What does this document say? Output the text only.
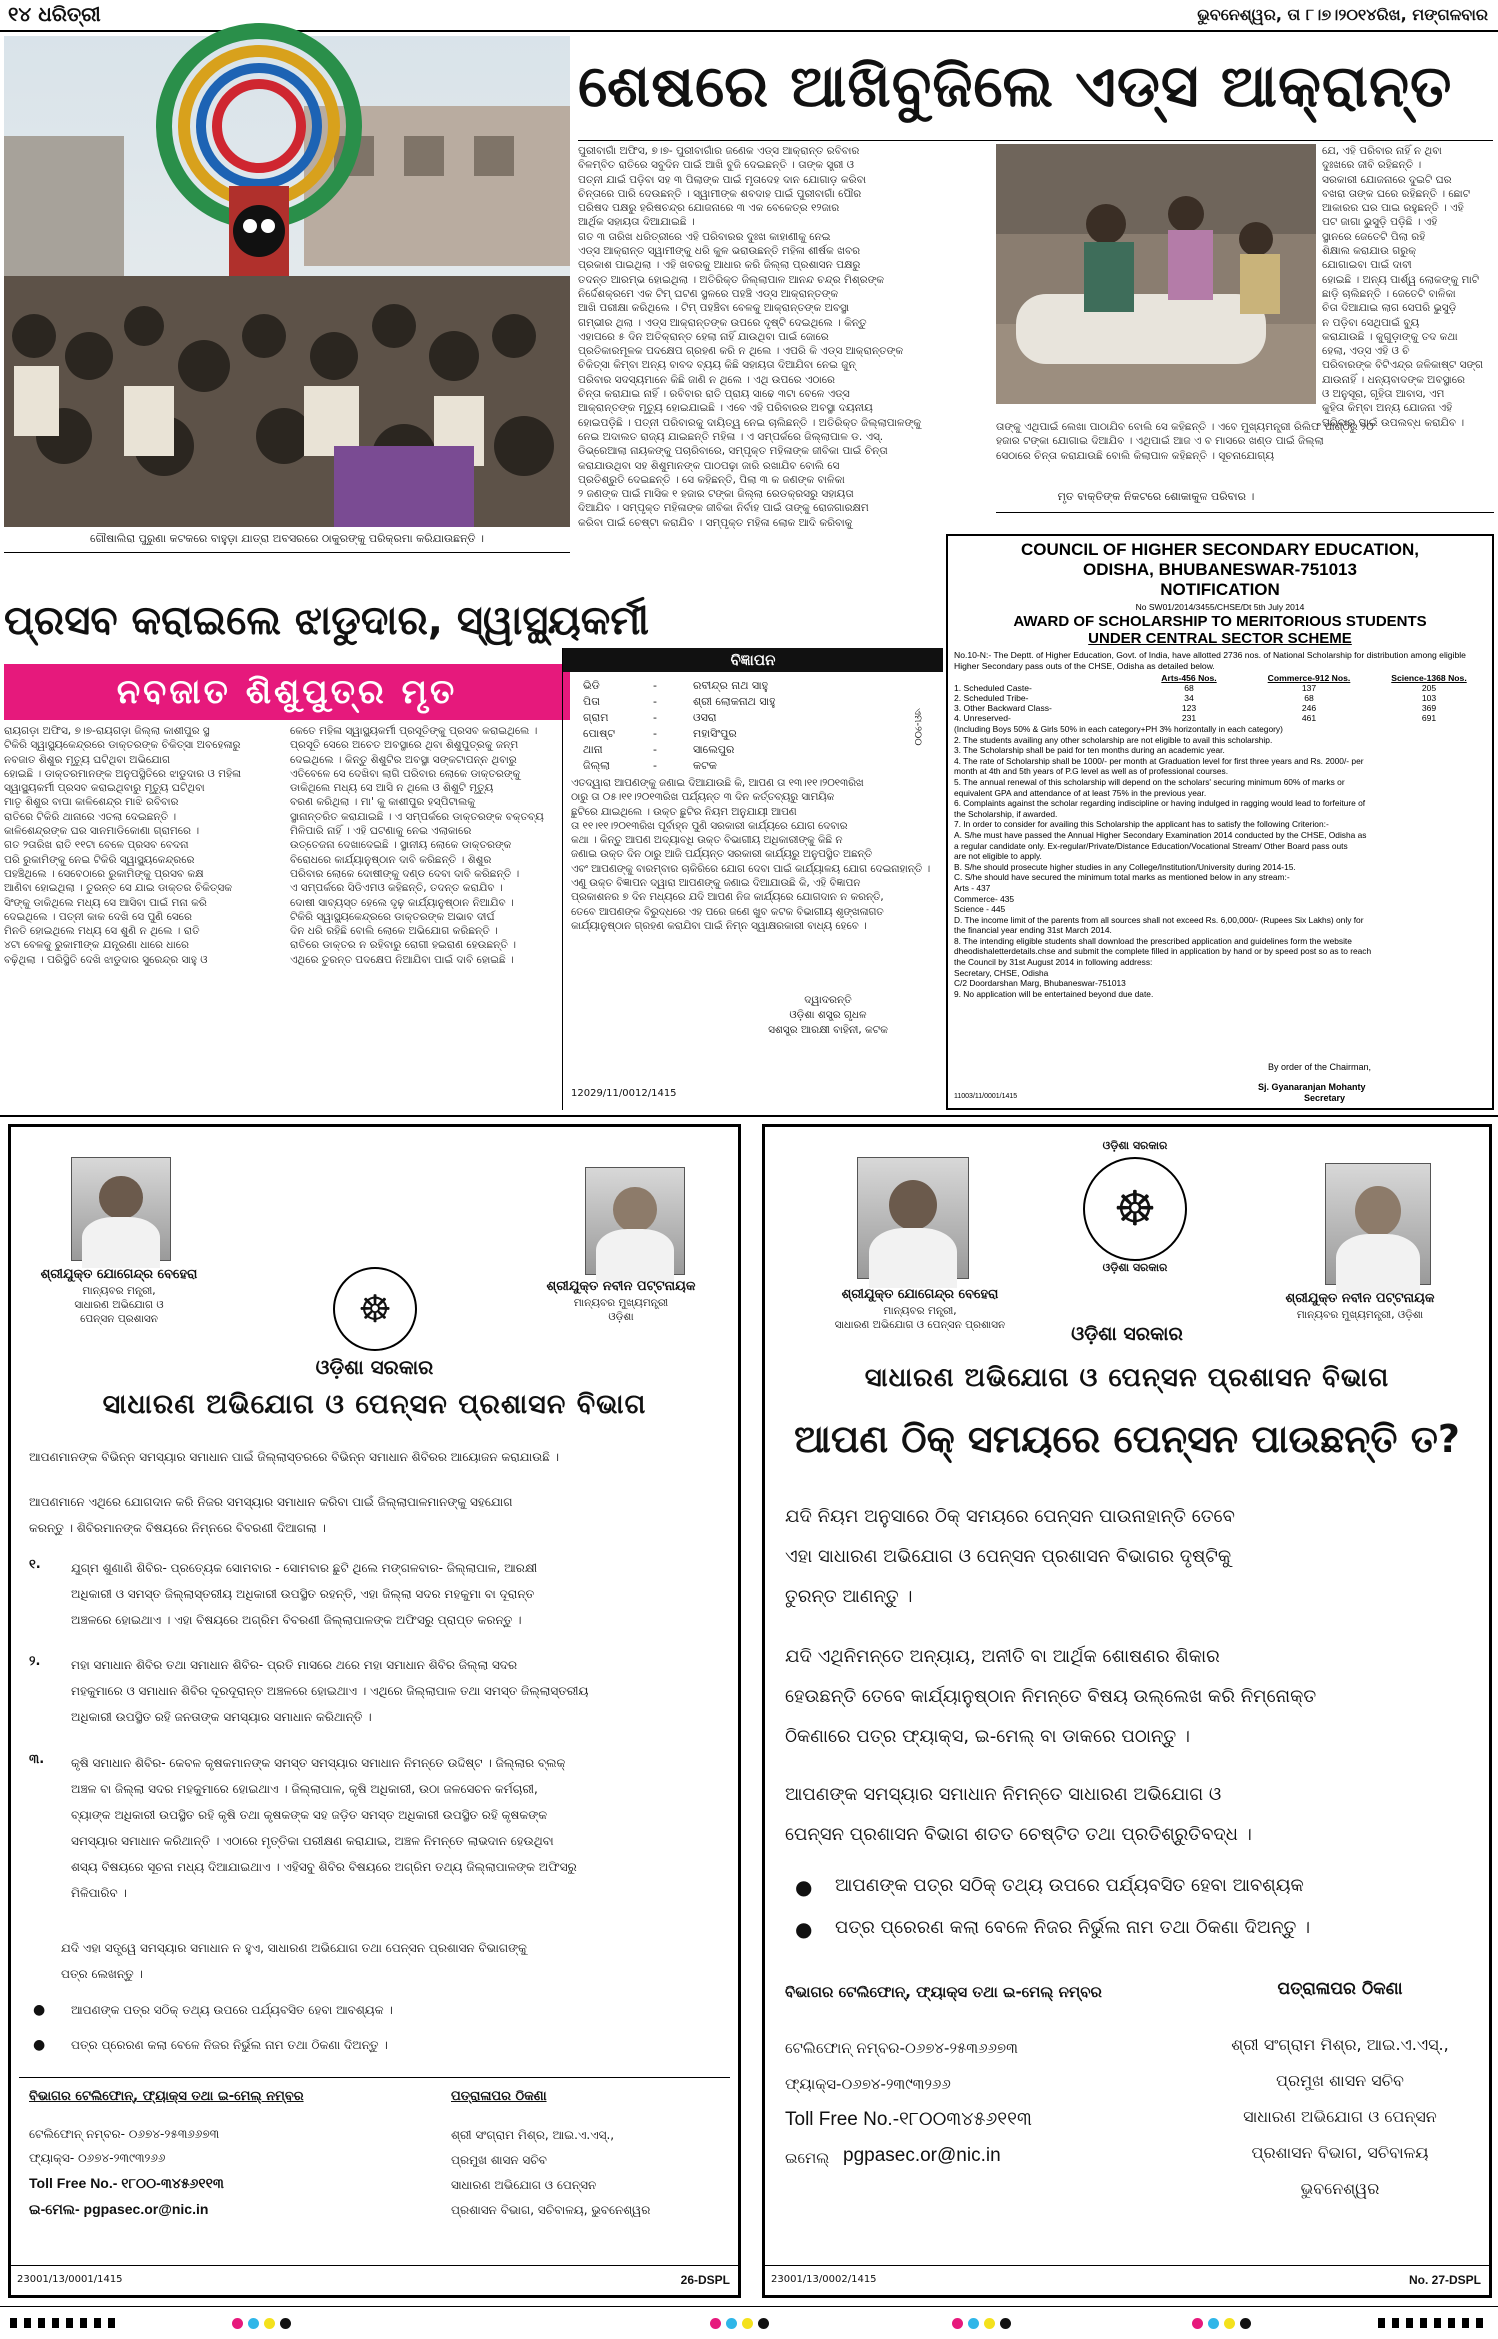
୧୪ ଧରିତ୍ରୀ	ଭୁବନେଶ୍ୱର, ତା ୮।୭।୨୦୧୪ରିଖ, ମଙ୍ଗଳବାର
ଗୌଷାଲିରା ପୁରୁଣା କଟକରେ ବାହୁଡ଼ା ଯାତ୍ରା ଅବସରରେ ଠାକୁରଙ୍କୁ ପରିକ୍ରମା କରିଯାଉଛନ୍ତି ।
ଶେଷରେ ଆଖିବୁଜିଲେ ଏଡ୍‌ସ ଆକ୍ରାନ୍ତ
ପୁରୀବାଗାଁ ଅଫିସ, ୭।୭- ପୁରୀବାଗାଁର ଜଣେକ ଏଡ୍‌ସ ଆକ୍ରାନ୍ତ ରବିବାର
ବିଳମ୍ବିତ ରାତିରେ ସବୁଦିନ ପାଇଁ ଆଖି ବୁଜି ଦେଇଛନ୍ତି । ତାଙ୍କ ସ୍ତ୍ରୀ ଓ
ପତ୍ନୀ ଯାଇଁ ପଡ଼ିବା ସହ ୩ ପିଲାଙ୍କ ପାଇଁ ମୃତାଦେହ ଦାନ ଯୋଗାଡ଼ କରିବା
ଚିନ୍ତାରେ ପାରି ଦେଉଛନ୍ତି । ସ୍ୱାମୀଙ୍କ ଶବଦାହ ପାଇଁ ପୁରୀବାଗାଁ ପୌର
ପରିଷଦ ପକ୍ଷରୁ ହରିଷଚନ୍ଦ୍ର ଯୋଜନାରେ ୩ ଏକ ବେକେତ୍ର ୧୨ଜାର
ଆର୍ଥିକ ସହାୟତା ଦିଆଯାଇଛି ।
ଗତ ୩ ତାରିଖ ଧରିତ୍ରୀରେ ଏହି ପରିବାରର ଦୁଃଖ କାହାଣୀକୁ ନେଇ
ଏଡ୍‌ସ ଆକ୍ରାନ୍ତ ସ୍ୱାମୀଙ୍କୁ ଧରି କୁଳ ଭରାଉଛନ୍ତି ମହିଳା ଶୀର୍ଷକ ଖବର
ପ୍ରକାଶ ପାଇଥିଲା । ଏହି ଖବରକୁ ଆଧାର କରି ଜିଲ୍ଲା ପ୍ରଶାସନ ପକ୍ଷରୁ
ତଦନ୍ତ ଆରମ୍ଭ ହୋଇଥିଲା । ଅତିରିକ୍ତ ଜିଲ୍ଲାପାଳ ଆନନ୍ଦ ଚନ୍ଦ୍ର ମିଶ୍ରଙ୍କ
ନିର୍ଦ୍ଦେଶକ୍ରମେ ଏକ ଟିମ୍ ଘଟଣ ସ୍ଥଳରେ ପହଞ୍ଚି ଏଡ୍‌ସ ଆକ୍ରାନ୍ତଙ୍କ
ଆଖି ପରୀକ୍ଷା କରିଥିଲେ । ଟିମ୍ ପହଞ୍ଚିବା ବେଳକୁ ଆକ୍ରାନ୍ତଙ୍କ ଅବସ୍ଥା
ଗମ୍ଭୀର ଥିଲା । ଏଡ୍‌ସ ଆକ୍ରାନ୍ତଙ୍କ ଉପରେ ଦୃଷ୍ଟି ଦେଇଥିଲେ । କିନ୍ତୁ
ଏହାପରେ ୫ ଦିନ ଅତିକ୍ରାନ୍ତ ହେଲା ନାହିଁ ଯାଉଥିବା ପାଇଁ ଜୋରେ
ପ୍ରତିକାରମୂଳକ ପଦକ୍ଷେପ ଗ୍ରହଣ କରି ନ ଥିଲେ । ଏପରି କି ଏଡ୍‌ସ ଆକ୍ରାନ୍ତଙ୍କ
ଚିକିତ୍ସା କିମ୍ବା ଅନ୍ୟ ବାବଦ ବ୍ୟୟ କିଛି ସହାୟତା ଦିଆଯିବା ନେଇ ଜୁନ୍
ପରିବାର ସଦସ୍ୟମାନେ କିଛି ଜାଣି ନ ଥିଲେ । ଏଥି ଉପରେ ଏଠାରେ
ଚିନ୍ତା କରାଯାଇ ନାହିଁ । ରବିବାର ରାତି ପ୍ରାୟ ସାଢେ ୩ଟା ବେଳେ ଏଡ୍‌ସ
ଆକ୍ରାନ୍ତଙ୍କ ମୃତ୍ୟୁ ହୋଇଯାଇଛି । ଏବେ ଏହି ପରିବାରର ଅବସ୍ଥା ଦୟନୀୟ
ହୋଇପଡ଼ିଛି । ପତ୍ନୀ ପରିବାରକୁ ଦାୟିତ୍ୱ ନେଇ ଚାଲିଛନ୍ତି । ଅତିରିକ୍ତ ଜିଲ୍ଲାପାଳଙ୍କୁ
ନେଇ ଅଦାଲତ ରାଜ୍ୟ ଯାଇଛନ୍ତି ମହିଳା । ଏ ସମ୍ପର୍କରେ ଜିଲ୍ଲାପାଳ ଡ. ଏସ୍.
ଡିଭ୍ରେଆଲା ନାୟକଙ୍କୁ ପଚାରିବାରେ, ସମ୍ପୃକ୍ତ ମହିଳାଙ୍କ ଜୀବିକା ପାଇଁ ଚିନ୍ତା
କରାଯାଉଥିବା ସହ ଶିଶୁମାନଙ୍କ ପାଠପଢ଼ା ଜାରି ରଖାଯିବ ବୋଲି ସେ
ପ୍ରତିଶ୍ରୁତି ଦେଇଛନ୍ତି । ସେ କହିଛନ୍ତି, ପିଲା ୩ କ ଜଣଙ୍କ ବାଳିକା
୨ ଜଣଙ୍କ ପାଇଁ ମାସିକ ୧ ହଜାର ଟଙ୍କା ଜିଲ୍ଲା ରେଡକ୍ରସରୁ ସହାୟତା
ଦିଆଯିବ । ସମ୍ପୃକ୍ତ ମହିଳାଙ୍କ ଜୀବିକା ନିର୍ବାହ ପାଇଁ ତାଙ୍କୁ ରୋଜଗାରକ୍ଷମ
କରିବା ପାଇଁ ଚେଷ୍ଟା କରାଯିବ । ସମ୍ପୃକ୍ତ ମହିଳା ଲୋକ ଆଦି କରିବାକୁ
ମୃତ ବାକ୍ତିଙ୍କ ନିକଟରେ ଶୋକାକୁଳ ପରିବାର ।
ଯେ, ଏହି ପରିବାର ନାହିଁ ନ ଥିବା
ଦୁଃଖରେ ଜୀବି ରହିଛନ୍ତି ।
ସରକାରୀ ଯୋଜନାରେ ଦୁଇଟି ଘର
ବଖରା ତାଙ୍କ ଘରେ ରହିଛନ୍ତି । ଛୋଟ
ଆକାରର ଘର ପାଇ ରହୁଛନ୍ତି । ଏହି
ପଟ ଜାଗା ଭୁସୁଡ଼ି ପଡ଼ିଛି । ଏହି
ସ୍ଥାନରେ ଜେତେଟି ପିଲା ରହି
ଶିକ୍ଷାଲ କରାଯାଉ ଗରୁକ୍
ଯୋଗାଇବା ପାଇଁ ଦାବୀ
ହୋଇଛି । ଅନ୍ୟ ପାର୍ଶ୍ୱ ଲୋକଙ୍କୁ ମାଟି
ଛାଡ଼ି ଚାଲିଛନ୍ତି । ଜେତେଟି ବାଳିକା
ଚିତା ଦିଆଯାଇ ଲାଗ ସେପରି ଭୁସୁଡ଼ି
ନ ପଡ଼ିବା ସେଥିପାଇଁ ବ୍ୟୁ
କରାଯାଉଛି । କୁଗୁଡ଼ାଙ୍କୁ ତଦ କଥା
ହେଲା, ଏଡ୍‌ସ ଏହି ଓ ଚି
ପରିବାରଙ୍କ ବିଟିଏନ୍ଦ୍ର ଜଳିକାଷ୍ଟ ସଙ୍ଗ
ଯାଉନାହିଁ । ଧନ୍ୟବାଦଙ୍କ ଅବସ୍ଥାରେ
ଓ ଅନୁସୂରା, ଗୃହିତା ଆବାସ, ଏମ
କୁହିତା କିମ୍ବା ଅନ୍ୟ ଯୋଜନା ଏହି
ପରିବାର ପାଇଁ ଉପଲବ୍ଧ କରାଯିବ ।
ତାଙ୍କୁ ଏଥିପାଇଁ ଲେଖା ପାଠାଯିବ ବୋଲି ସେ କହିଛନ୍ତି । ଏବେ ମୁଖ୍ୟମନ୍ତ୍ରୀ ରିଲିଫ ପାଣ୍ଠିରୁ ୨୦
ହଜାର ଟଙ୍କା ଯୋଗାଇ ଦିଆଯିବ । ଏଥିପାଇଁ ଆଜ ଏ ବ ମାସରେ ଖଣ୍ଡ ପାଇଁ ଜିଲ୍ଲା
ସେଠାରେ ଚିନ୍ତା କରାଯାଉଛି ବୋଲି କିଲାପାଳ କହିଛନ୍ତି । ସୂଚନାଯୋଗ୍ୟ
ପ୍ରସବ କରାଇଲେ ଝାଡୁଦାର, ସ୍ୱାସ୍ଥ୍ୟକର୍ମୀ
ନବଜାତ ଶିଶୁପୁତ୍ର ମୃତ
ରାୟଗଡ଼ା ଅଫିସ, ୭।୭-ରାୟଗଡ଼ା ଜିଲ୍ଲା କାଶୀପୁର ସ୍ଥ
ଟିକିରି ସ୍ୱାସ୍ଥ୍ୟକେନ୍ଦ୍ରରେ ଡାକ୍ତରଙ୍କ ଚିକିତ୍ସା ଅବହେଳାରୁ
ନବଜାତ ଶିଶୁର ମୃତ୍ୟୁ ଘଟିଥିବା ଅଭିଯୋଗ
ହୋଇଛି । ଡାକ୍ତରମାନଙ୍କ ଅନୁପସ୍ଥିତିରେ ଝାଡୁଦାର ଓ ମହିଳା
ସ୍ୱାସ୍ଥ୍ୟକର୍ମୀ ପ୍ରସବ କରାଇଥିବାରୁ ମୃତ୍ୟୁ ଘଟିଥିବା
ମାତୃ ଶିଶୁର ବାପା କାଳିଶେନ୍ଦ୍ର ମାଝି ରବିବାର
ରାତିରେ ଟିକିରି ଥାନାରେ ଏତଲା ଦେଇଛନ୍ତି ।
କାଳିଶେନ୍ଦ୍ରଙ୍କ ଘର ସାନମାଡିକୋଣା ଗ୍ରାମରେ ।
ଗତ ୨ତାରିଖ ରାତି ୧୧ଟା ବେଳେ ପ୍ରସବ ବେଦନା
ପରି ରୁକାମିଙ୍କୁ ନେଇ ଟିକିରି ସ୍ୱାସ୍ଥ୍ୟକେନ୍ଦ୍ରରେ
ପହଞ୍ଚିଥିଲେ । ସେବେଠାରେ ରୁକାମିଙ୍କୁ ପ୍ରସବ କକ୍ଷ
ଆଣିବା ହୋଇଥିଲା । ତୁରନ୍ତ ସେ ଯାଇ ଡାକ୍ତର ଚିକିତ୍ସକ
ସିଂଙ୍କୁ ଡାକିଥିଲେ ମଧ୍ୟ ସେ ଆସିବା ପାଇଁ ମନା କରି
ଦେଇଥିଲେ । ପତ୍ନୀ କାକ ଦେଖି ସେ ପୁଣି ସେରେ
ମିନତି ହୋଇଥିଲେ ମଧ୍ୟ ସେ ଶୁଣି ନ ଥିଲେ । ରାତି
୪ଟା ବେଳକୁ ରୁକାମୀଙ୍କ ଯନ୍ତ୍ରଣା ଧାରେ ଧାରେ
ବଢ଼ିଥିଲା । ପରିସ୍ଥିତି ଦେଖି ଝାଡୁଦାର ସୁରେନ୍ଦ୍ର ସାହୁ ଓ
କେତେ ମହିଳା ସ୍ୱାସ୍ଥ୍ୟକର୍ମୀ ପ୍ରସୂତିଙ୍କୁ ପ୍ରସବ କରାଇଥିଲେ ।
ପ୍ରସୂତି ସେରେ ଅଚେତ ଅବସ୍ଥାରେ ଥିବା ଶିଶୁପୁତ୍ରକୁ ଜନ୍ମ
ଦେଇଥିଲେ । କିନ୍ତୁ ଶିଶୁଟିର ଅବସ୍ଥା ସଙ୍କଟାପନ୍ନ ଥିବାରୁ
ଏତିବେଳେ ସେ ଦେଖିବା ଲାଗି ପରିବାର ଲୋକେ ଡାକ୍ତରଙ୍କୁ
ଡାକିଥିଲେ ମଧ୍ୟ ସେ ଆସି ନ ଥିଲେ ଓ ଶିଶୁଟି ମୃତ୍ୟୁ
ବରଣ କରିଥିଲା । ମା' କୁ କାଶୀପୁର ହସ୍ପିଟାଲକୁ
ସ୍ଥାନାନ୍ତରିତ କରାଯାଇଛି । ଏ ସମ୍ପର୍କରେ ଡାକ୍ତରଙ୍କ ବକ୍ତବ୍ୟ
ମିଳିପାରି ନାହିଁ । ଏହି ଘଟଣାକୁ ନେଇ ଏଲାକାରେ
ଉତ୍ତେଜନା ଦେଖାଦେଇଛି । ସ୍ଥାନୀୟ ଲୋକେ ଡାକ୍ତରଙ୍କ
ବିରୋଧରେ କାର୍ଯ୍ୟାନୁଷ୍ଠାନ ଦାବି କରିଛନ୍ତି । ଶିଶୁର
ପରିବାର ଲୋକେ ଦୋଷୀଙ୍କୁ ଦଣ୍ଡ ଦେବା ଦାବି କରିଛନ୍ତି ।
ଏ ସମ୍ପର୍କରେ ସିଡିଏମଓ କହିଛନ୍ତି, ତଦନ୍ତ କରାଯିବ ।
ଦୋଷୀ ସାବ୍ୟସ୍ତ ହେଲେ ଦୃଢ଼ କାର୍ଯ୍ୟାନୁଷ୍ଠାନ ନିଆଯିବ ।
ଟିକିରି ସ୍ୱାସ୍ଥ୍ୟକେନ୍ଦ୍ରରେ ଡାକ୍ତରଙ୍କ ଅଭାବ ଦୀର୍ଘ
ଦିନ ଧରି ରହିଛି ବୋଲି ଲୋକେ ଅଭିଯୋଗ କରିଛନ୍ତି ।
ରାତିରେ ଡାକ୍ତର ନ ରହିବାରୁ ରୋଗୀ ହଇରାଣ ହେଉଛନ୍ତି ।
ଏଥିରେ ତୁରନ୍ତ ପଦକ୍ଷେପ ନିଆଯିବା ପାଇଁ ଦାବି ହୋଇଛି ।
ବିଜ୍ଞାପନ
ଭିଡି	-	ରବୀନ୍ଦ୍ର ନାଥ ସାହୁ
ପିତା	-	ଶ୍ରୀ ଲୋକନାଥ ସାହୁ
ଗ୍ରାମ	-	ଓସରା
ପୋଷ୍ଟ	-	ମହାସିଂପୁର
ଥାନା	-	ସାଲେପୁର
ଜିଲ୍ଲା	-	କଟକ
ଏମ-୨୦୦
ଏତଦ୍ୱାରା ଆପଣଙ୍କୁ ଜଣାଇ ଦିଆଯାଉଛି କି, ଆପଣ ତା ୧୩।୧୧।୨୦୧୩ରିଖ
ଠାରୁ ତା ୦୫।୧୧।୨୦୧୩ରିଖ ପର୍ଯ୍ୟନ୍ତ ୩ ଦିନ କର୍ତ୍ତବ୍ୟରୁ ସାମୟିକ
ଛୁଟିରେ ଯାଇଥିଲେ । ଉକ୍ତ ଛୁଟିର ନିୟମ ଅନୁଯାୟୀ ଆପଣ
ତା ୧୧।୧୧।୨୦୧୩ରିଖ ପୂର୍ବାହ୍ନ ପୁଣି ସରକାରୀ କାର୍ଯ୍ୟରେ ଯୋଗ ଦେବାର
କଥା । କିନ୍ତୁ ଆପଣ ଅଦ୍ୟାବଧି ଉକ୍ତ ବିଭାଗୀୟ ଅଧିକାରୀଙ୍କୁ କିଛି ନ
ଜଣାଇ ଉକ୍ତ ଦିନ ଠାରୁ ଆଜି ପର୍ଯ୍ୟନ୍ତ ସରକାରୀ କାର୍ଯ୍ୟରୁ ଅନୁପସ୍ଥିତ ଅଛନ୍ତି
ଏବଂ ଆପଣଙ୍କୁ ବାରମ୍ବାର ଚାକିରିରେ ଯୋଗ ଦେବା ପାଇଁ କାର୍ଯ୍ୟାଳୟ ଯୋଗ ଦେଇନାହାନ୍ତି ।
ଏଣୁ ଉକ୍ତ ବିଜ୍ଞାପନ ଦ୍ୱାରା ଆପଣଙ୍କୁ ଜଣାଇ ଦିଆଯାଉଛି କି, ଏହି ବିଜ୍ଞାପନ
ପ୍ରକାଶନର ୭ ଦିନ ମଧ୍ୟରେ ଯଦି ଆପଣ ନିଜ କାର୍ଯ୍ୟରେ ଯୋଗଦାନ ନ କରନ୍ତି,
ତେବେ ଆପଣଙ୍କ ବିରୁଦ୍ଧରେ ଏହ ପରେ ଜଣେ ଖୁବ କଟକ ବିଭାଗୀୟ ଶୃଙ୍ଖଳାଗତ
କାର୍ଯ୍ୟାନୁଷ୍ଠାନ ଗ୍ରହଣ କରାଯିବା ପାଇଁ ନିମ୍ନ ସ୍ୱାକ୍ଷରକାରୀ ବାଧ୍ୟ ହେବେ ।
ଦ୍ୱାଦରନ୍ତି
ଓଡ଼ିଶା ଶସ୍ତ୍ର ଗୃଧଳ
ସଶସ୍ତ୍ର ଆରକ୍ଷୀ ବାହିନୀ, କଟକ
12029/11/0012/1415
COUNCIL OF HIGHER SECONDARY EDUCATION,
ODISHA, BHUBANESWAR-751013
NOTIFICATION
No SW01/2014/3455/CHSE/Dt 5th July 2014
AWARD OF SCHOLARSHIP TO MERITORIOUS STUDENTS
UNDER CENTRAL SECTOR SCHEME
No.10-N:- The Deptt. of Higher Education, Govt. of India, have allotted 2736 nos. of National Scholarship for distribution among eligible Higher Secondary pass outs of the CHSE, Odisha as detailed below.
Arts-456 Nos.	Commerce-912 Nos.	Science-1368 Nos.
1. Scheduled Caste-	68	137	205
2. Scheduled Tribe-	34	68	103
3. Other Backward Class-	123	246	369
4. Unreserved-	231	461	691
(Including Boys 50% & Girls 50% in each category+PH 3% horizontally in each category)
2. The students availing any other scholarship are not eligible to avail this scholarship.
3. The Scholarship shall be paid for ten months during an academic year.
4. The rate of Scholarship shall be 1000/- per month at Graduation level for first three years and Rs. 2000/- per
month at 4th and 5th years of P.G level as well as of professional courses.
5. The annual renewal of this scholarship will depend on the scholars' securing minimum 60% of marks or
equivalent GPA and attendance of at least 75% in the previous year.
6. Complaints against the scholar regarding indiscipline or having indulged in ragging would lead to forfeiture of
the Scholarship, if awarded.
7. In order to consider for availing this Scholarship the applicant has to satisfy the following Criterion:-
A. S/he must have passed the Annual Higher Secondary Examination 2014 conducted by the CHSE, Odisha as
a regular candidate only. Ex-regular/Private/Distance Education/Vocational Stream/ Other Board pass outs
are not eligible to apply.
B. S/he should prosecute higher studies in any College/Institution/University during 2014-15.
C. S/he should have secured the minimum total marks as mentioned below in any stream:-
Arts - 437
Commerce- 435
Science - 445
D. The income limit of the parents from all sources shall not exceed Rs. 6,00,000/- (Rupees Six Lakhs) only for
the financial year ending 31st March 2014.
8. The intending eligible students shall download the prescribed application and guidelines form the website
dheodishaletterdetails.chse and submit the complete filled in application by hand or by speed post so as to reach
the Council by 31st August 2014 in following address:
Secretary, CHSE, Odisha
C/2 Doordarshan Marg, Bhubaneswar-751013
9. No application will be entertained beyond due date.
By order of the Chairman,
Sj. Gyanaranjan Mohanty
Secretary
11003/11/0001/1415
ଶ୍ରୀଯୁକ୍ତ ଯୋଗେନ୍ଦ୍ର ବେହେରା
ମାନ୍ୟବର ମନ୍ତ୍ରୀ,
ସାଧାରଣ ଅଭିଯୋଗ ଓ
ପେନ୍‌ସନ ପ୍ରଶାସନ	☸
ଶ୍ରୀଯୁକ୍ତ ନବୀନ ପଟ୍ଟନାୟକ
ମାନ୍ୟବର ମୁଖ୍ୟମନ୍ତ୍ରୀ
ଓଡ଼ିଶା
ଓଡ଼ିଶା ସରକାର
ସାଧାରଣ ଅଭିଯୋଗ ଓ ପେନ୍‌ସନ ପ୍ରଶାସନ ବିଭାଗ
ଆପଣମାନଙ୍କ ବିଭିନ୍ନ ସମସ୍ୟାର ସମାଧାନ ପାଇଁ ଜିଲ୍ଲାସ୍ତରରେ ବିଭିନ୍ନ ସମାଧାନ ଶିବିରର ଆୟୋଜନ କରାଯାଉଛି ।
ଆପଣମାନେ ଏଥିରେ ଯୋଗଦାନ କରି ନିଜର ସମସ୍ୟାର ସମାଧାନ କରିବା ପାଇଁ ଜିଲ୍ଲାପାଳମାନଙ୍କୁ ସହଯୋଗ
କରନ୍ତୁ । ଶିବିରମାନଙ୍କ ବିଷୟରେ ନିମ୍ନରେ ବିବରଣୀ ଦିଆଗଲା ।
୧.	ଯୁଗ୍ମ ଶୁଣାଣି ଶିବିର- ପ୍ରତ୍ୟେକ ସୋମବାର - ସୋମବାର ଛୁଟି ଥିଲେ ମଙ୍ଗଳବାର- ଜିଲ୍ଲାପାଳ, ଆରକ୍ଷୀ
ଅଧିକାରୀ ଓ ସମସ୍ତ ଜିଲ୍ଲାସ୍ତରୀୟ ଅଧିକାରୀ ଉପସ୍ଥିତ ରହନ୍ତି, ଏହା ଜିଲ୍ଲା ସଦର ମହକୁମା ବା ଦୂରାନ୍ତ
ଅଞ୍ଚଳରେ ହୋଇଥାଏ । ଏହା ବିଷୟରେ ଅଗ୍ରିମ ବିବରଣୀ ଜିଲ୍ଲାପାଳଙ୍କ ଅଫିସରୁ ପ୍ରାପ୍ତ କରନ୍ତୁ ।
୨.	ମହା ସମାଧାନ ଶିବିର ତଥା ସମାଧାନ ଶିବିର- ପ୍ରତି ମାସରେ ଥରେ ମହା ସମାଧାନ ଶିବିର ଜିଲ୍ଲା ସଦର
ମହକୁମାରେ ଓ ସମାଧାନ ଶିବିର ଦୂରଦୂରାନ୍ତ ଅଞ୍ଚଳରେ ହୋଇଥାଏ । ଏଥିରେ ଜିଲ୍ଲାପାଳ ତଥା ସମସ୍ତ ଜିଲ୍ଲାସ୍ତରୀୟ
ଅଧିକାରୀ ଉପସ୍ଥିତ ରହି ଜନତାଙ୍କ ସମସ୍ୟାର ସମାଧାନ କରିଥାନ୍ତି ।
୩. କୃଷି ସମାଧାନ ଶିବିର- କେବଳ କୃଷକମାନଙ୍କ ସମସ୍ତ ସମସ୍ୟାର ସମାଧାନ ନିମନ୍ତେ ଉଦ୍ଦିଷ୍ଟ । ଜିଲ୍ଲାର ବ୍ଲକ୍
ଅଞ୍ଚଳ ବା ଜିଲ୍ଲା ସଦର ମହକୁମାରେ ହୋଇଥାଏ । ଜିଲ୍ଲାପାଳ, କୃଷି ଅଧିକାରୀ, ଉଠା ଜଳସେଚନ କର୍ମଚାରୀ,
ବ୍ୟାଙ୍କ ଅଧିକାରୀ ଉପସ୍ଥିତ ରହି କୃଷି ତଥା କୃଷକଙ୍କ ସହ ଜଡ଼ିତ ସମସ୍ତ ଅଧିକାରୀ ଉପସ୍ଥିତ ରହି କୃଷକଙ୍କ
ସମସ୍ୟାର ସମାଧାନ କରିଥାନ୍ତି । ଏଠାରେ ମୃତ୍ତିକା ପରୀକ୍ଷଣ କରାଯାଇ, ଅଞ୍ଚଳ ନିମନ୍ତେ ଲାଭଦାନ ହେଉଥିବା
ଶସ୍ୟ ବିଷୟରେ ସୂଚନା ମଧ୍ୟ ଦିଆଯାଇଥାଏ । ଏହିସବୁ ଶିବିର ବିଷୟରେ ଅଗ୍ରିମ ତଥ୍ୟ ଜିଲ୍ଲାପାଳଙ୍କ ଅଫିସରୁ
ମିଳିପାରିବ ।
ଯଦି ଏହା ସତ୍ତ୍ୱେ ସମସ୍ୟାର ସମାଧାନ ନ ହୁଏ, ସାଧାରଣ ଅଭିଯୋଗ ତଥା ପେନ୍‌ସନ ପ୍ରଶାସନ ବିଭାଗଙ୍କୁ
ପତ୍ର ଲେଖନ୍ତୁ ।
● ଆପଣଙ୍କ ପତ୍ର ସଠିକ୍ ତଥ୍ୟ ଉପରେ ପର୍ଯ୍ୟବସିତ ହେବା ଆବଶ୍ୟକ ।
● ପତ୍ର ପ୍ରେରଣ କଲା ବେଳେ ନିଜର ନିର୍ଭୁଲ ନାମ ତଥା ଠିକଣା ଦିଅନ୍ତୁ ।
ବିଭାଗର ଟେଲିଫୋନ୍, ଫ୍ୟାକ୍ସ ତଥା ଇ-ମେଲ୍ ନମ୍ବର	ପତ୍ରାଳାପର ଠିକଣା
ଟେଲିଫୋନ୍ ନମ୍ବର- ୦୬୭୪-୨୫୩୬୬୭୩
ଫ୍ୟାକ୍ସ- ୦୬୭୪-୨୩୯୩୨୬୬
Toll Free No.- ୧୮୦୦-୩୪୫୬୧୧୩
ଇ-ମେଲ- pgpasec.or@nic.in
ଶ୍ରୀ ସଂଗ୍ରାମ ମିଶ୍ର, ଆଇ.ଏ.ଏସ୍.,
ପ୍ରମୁଖ ଶାସନ ସଚିବ
ସାଧାରଣ ଅଭିଯୋଗ ଓ ପେନ୍‌ସନ
ପ୍ରଶାସନ ବିଭାଗ, ସଚିବାଳୟ, ଭୁବନେଶ୍ୱର
23001/13/0001/1415	26-DSPL
ଶ୍ରୀଯୁକ୍ତ ଯୋଗେନ୍ଦ୍ର ବେହେରା
ମାନ୍ୟବର ମନ୍ତ୍ରୀ,
ସାଧାରଣ ଅଭିଯୋଗ ଓ ପେନ୍‌ସନ ପ୍ରଶାସନ
ଓଡ଼ିଶା ସରକାର
☸
ଓଡ଼ିଶା ସରକାର
ଶ୍ରୀଯୁକ୍ତ ନବୀନ ପଟ୍ଟନାୟକ
ମାନ୍ୟବର ମୁଖ୍ୟମନ୍ତ୍ରୀ, ଓଡ଼ିଶା
ଓଡ଼ିଶା ସରକାର
ସାଧାରଣ ଅଭିଯୋଗ ଓ ପେନ୍‌ସନ ପ୍ରଶାସନ ବିଭାଗ
ଆପଣ ଠିକ୍ ସମୟରେ ପେନ୍‌ସନ ପାଉଛନ୍ତି ତ?
ଯଦି ନିୟମ ଅନୁସାରେ ଠିକ୍ ସମୟରେ ପେନ୍‌ସନ ପାଉନାହାନ୍ତି ତେବେ
ଏହା ସାଧାରଣ ଅଭିଯୋଗ ଓ ପେନ୍‌ସନ ପ୍ରଶାସନ ବିଭାଗର ଦୃଷ୍ଟିକୁ
ତୁରନ୍ତ ଆଣନ୍ତୁ ।
ଯଦି ଏଥିନିମନ୍ତେ ଅନ୍ୟାୟ, ଅନୀତି ବା ଆର୍ଥିକ ଶୋଷଣର ଶିକାର
ହେଉଛନ୍ତି ତେବେ କାର୍ଯ୍ୟାନୁଷ୍ଠାନ ନିମନ୍ତେ ବିଷୟ ଉଲ୍ଲେଖ କରି ନିମ୍ନୋକ୍ତ
ଠିକଣାରେ ପତ୍ର ଫ୍ୟାକ୍ସ, ଇ-ମେଲ୍ ବା ଡାକରେ ପଠାନ୍ତୁ ।
ଆପଣଙ୍କ ସମସ୍ୟାର ସମାଧାନ ନିମନ୍ତେ ସାଧାରଣ ଅଭିଯୋଗ ଓ
ପେନ୍‌ସନ ପ୍ରଶାସନ ବିଭାଗ ଶତତ ଚେଷ୍ଟିତ ତଥା ପ୍ରତିଶ୍ରୁତିବଦ୍ଧ ।
● ଆପଣଙ୍କ ପତ୍ର ସଠିକ୍ ତଥ୍ୟ ଉପରେ ପର୍ଯ୍ୟବସିତ ହେବା ଆବଶ୍ୟକ
● ପତ୍ର ପ୍ରେରଣ କଲା ବେଳେ ନିଜର ନିର୍ଭୁଲ ନାମ ତଥା ଠିକଣା ଦିଅନ୍ତୁ ।
ବିଭାଗର ଟେଲିଫୋନ୍, ଫ୍ୟାକ୍ସ ତଥା ଇ-ମେଲ୍ ନମ୍ବର	ପତ୍ରାଳାପର ଠିକଣା
ଟେଲିଫୋନ୍ ନମ୍ବର-୦୬୭୪-୨୫୩୬୬୭୩
ଫ୍ୟାକ୍ସ-୦୬୭୪-୨୩୯୩୨୬୬
Toll Free No.-୧୮୦୦୩୪୫୬୧୧୩
ଇମେଲ୍ pgpasec.or@nic.in
ଶ୍ରୀ ସଂଗ୍ରାମ ମିଶ୍ର, ଆଇ.ଏ.ଏସ୍.,
ପ୍ରମୁଖ ଶାସନ ସଚିବ
ସାଧାରଣ ଅଭିଯୋଗ ଓ ପେନ୍‌ସନ
ପ୍ରଶାସନ ବିଭାଗ, ସଚିବାଳୟ
ଭୁବନେଶ୍ୱର
23001/13/0002/1415	No. 27-DSPL
